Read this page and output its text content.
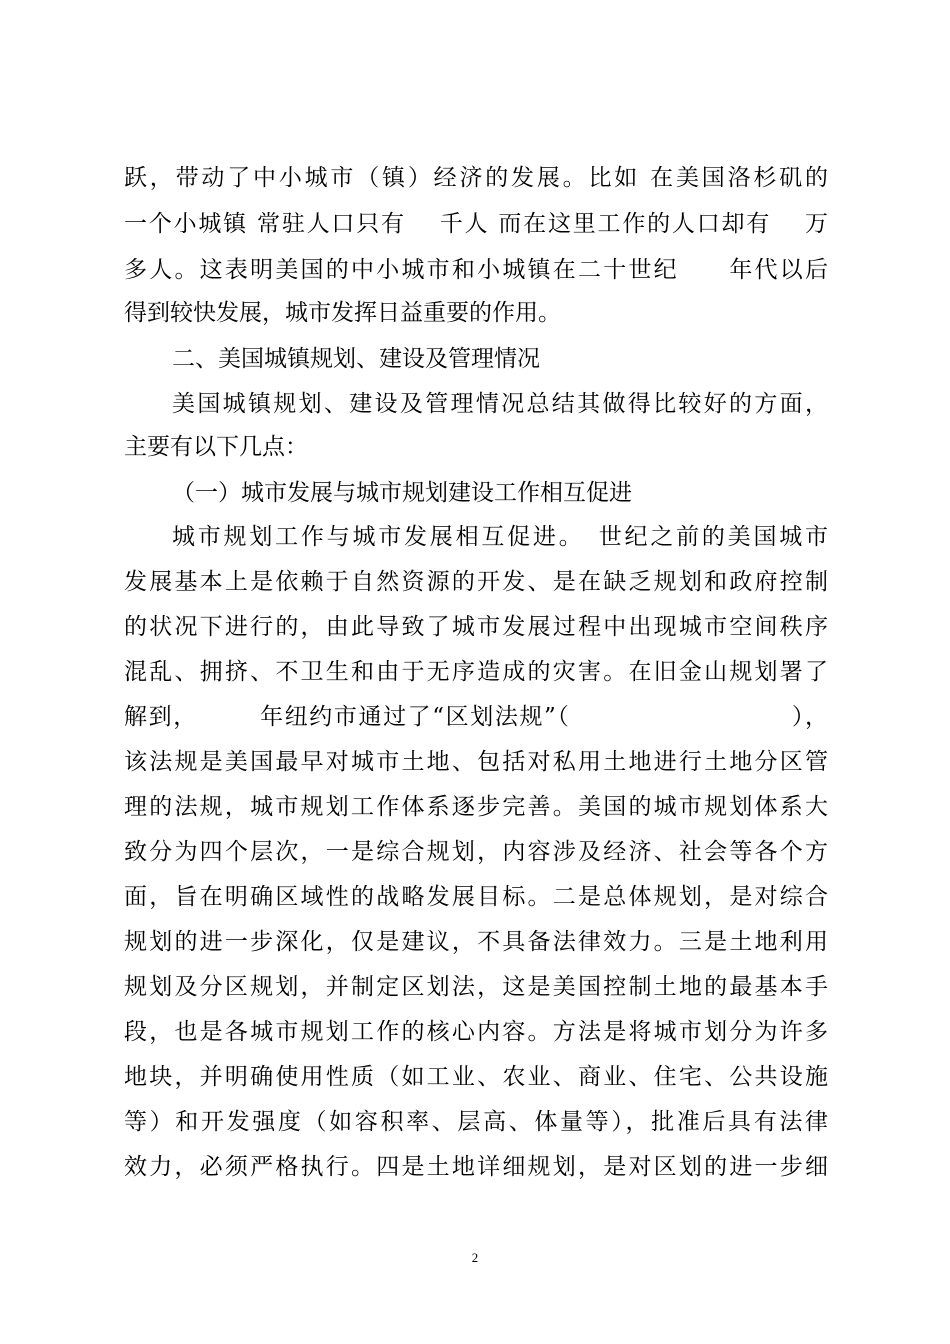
跃，带动了中小城市（镇）经济的发展。比如 在美国洛杉矶的
一个小城镇 常驻人口只有　 千人 而在这里工作的人口却有　 万
多人。这表明美国的中小城市和小城镇在二十世纪　　年代以后
得到较快发展，城市发挥日益重要的作用。
二、美国城镇规划、建设及管理情况
美国城镇规划、建设及管理情况总结其做得比较好的方面，
主要有以下几点：
（一）城市发展与城市规划建设工作相互促进
城市规划工作与城市发展相互促进。　世纪之前的美国城市
发展基本上是依赖于自然资源的开发、是在缺乏规划和政府控制
的状况下进行的，由此导致了城市发展过程中出现城市空间秩序
混乱、拥挤、不卫生和由于无序造成的灾害。在旧金山规划署了
解到，　　　年纽约市通过了“区划法规”（　　　　　　　　　），
该法规是美国最早对城市土地、包括对私用土地进行土地分区管
理的法规，城市规划工作体系逐步完善。美国的城市规划体系大
致分为四个层次，一是综合规划，内容涉及经济、社会等各个方
面，旨在明确区域性的战略发展目标。二是总体规划，是对综合
规划的进一步深化，仅是建议，不具备法律效力。三是土地利用
规划及分区规划，并制定区划法，这是美国控制土地的最基本手
段，也是各城市规划工作的核心内容。方法是将城市划分为许多
地块，并明确使用性质（如工业、农业、商业、住宅、公共设施
等）和开发强度（如容积率、层高、体量等），批准后具有法律
效力，必须严格执行。四是土地详细规划，是对区划的进一步细
2
